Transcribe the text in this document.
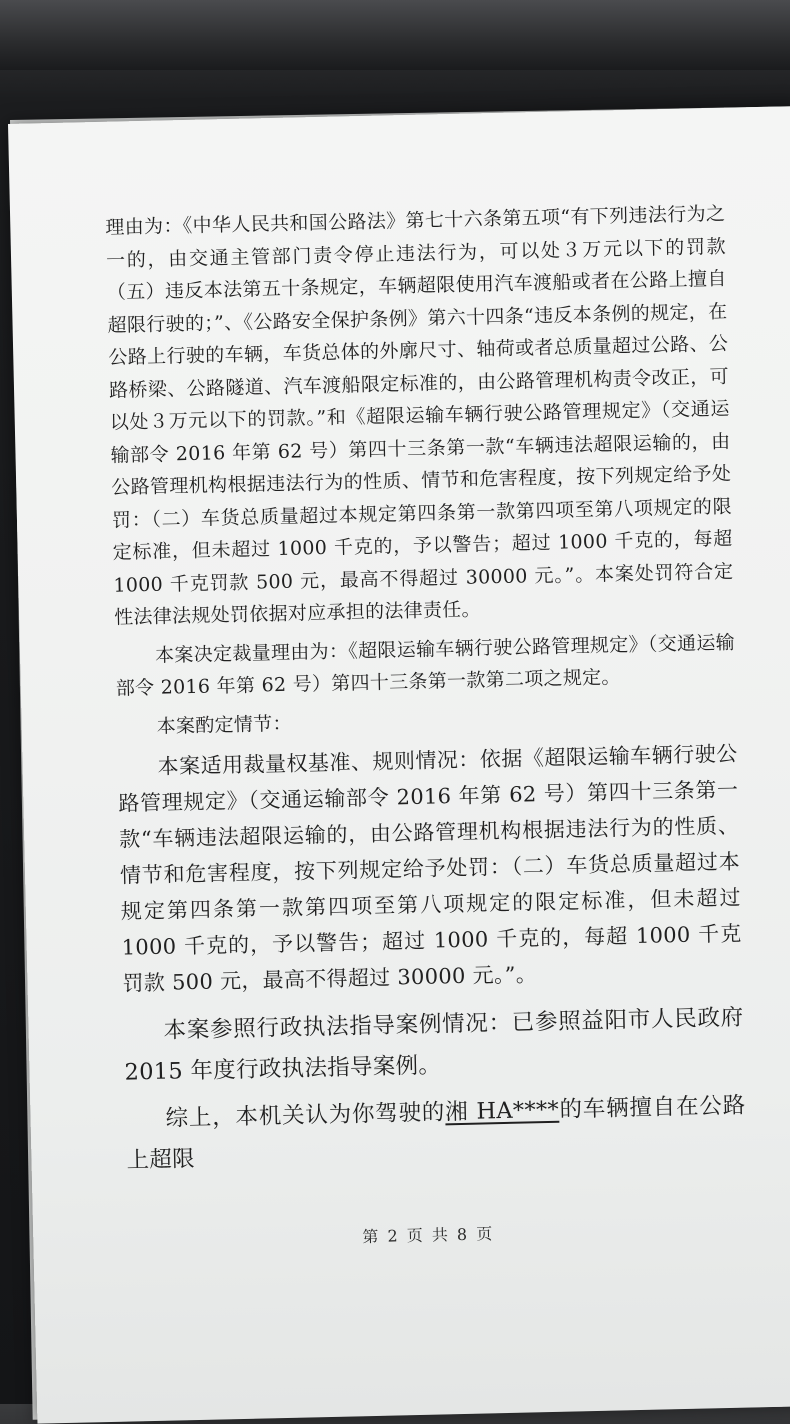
理由为：《中华人民共和国公路法》第七十六条第五项“有下列违法行为之一的，由交通主管部门责令停止违法行为，可以处３万元以下的罚款（五）违反本法第五十条规定，车辆超限使用汽车渡船或者在公路上擅自超限行驶的；”、《公路安全保护条例》第六十四条“违反本条例的规定，在公路上行驶的车辆，车货总体的外廓尺寸、轴荷或者总质量超过公路、公路桥梁、公路隧道、汽车渡船限定标准的，由公路管理机构责令改正，可以处３万元以下的罚款。”和《超限运输车辆行驶公路管理规定》（交通运输部令 2016 年第 62 号）第四十三条第一款“车辆违法超限运输的，由公路管理机构根据违法行为的性质、情节和危害程度，按下列规定给予处罚：（二）车货总质量超过本规定第四条第一款第四项至第八项规定的限定标准，但未超过 1000 千克的，予以警告；超过 1000 千克的，每超 1000 千克罚款 500 元，最高不得超过 30000 元。”。本案处罚符合定性法律法规处罚依据对应承担的法律责任。

本案决定裁量理由为：《超限运输车辆行驶公路管理规定》（交通运输部令 2016 年第 62 号）第四十三条第一款第二项之规定。

本案酌定情节：

本案适用裁量权基准、规则情况：依据《超限运输车辆行驶公路管理规定》（交通运输部令 2016 年第 62 号）第四十三条第一款“车辆违法超限运输的，由公路管理机构根据违法行为的性质、情节和危害程度，按下列规定给予处罚：（二）车货总质量超过本规定第四条第一款第四项至第八项规定的限定标准，但未超过 1000 千克的，予以警告；超过 1000 千克的，每超 1000 千克罚款 500 元，最高不得超过 30000 元。”。

本案参照行政执法指导案例情况：已参照益阳市人民政府 2015 年度行政执法指导案例。

综上，本机关认为你驾驶的湘 HA****的车辆擅自在公路上超限

第 2 页 共 8 页
